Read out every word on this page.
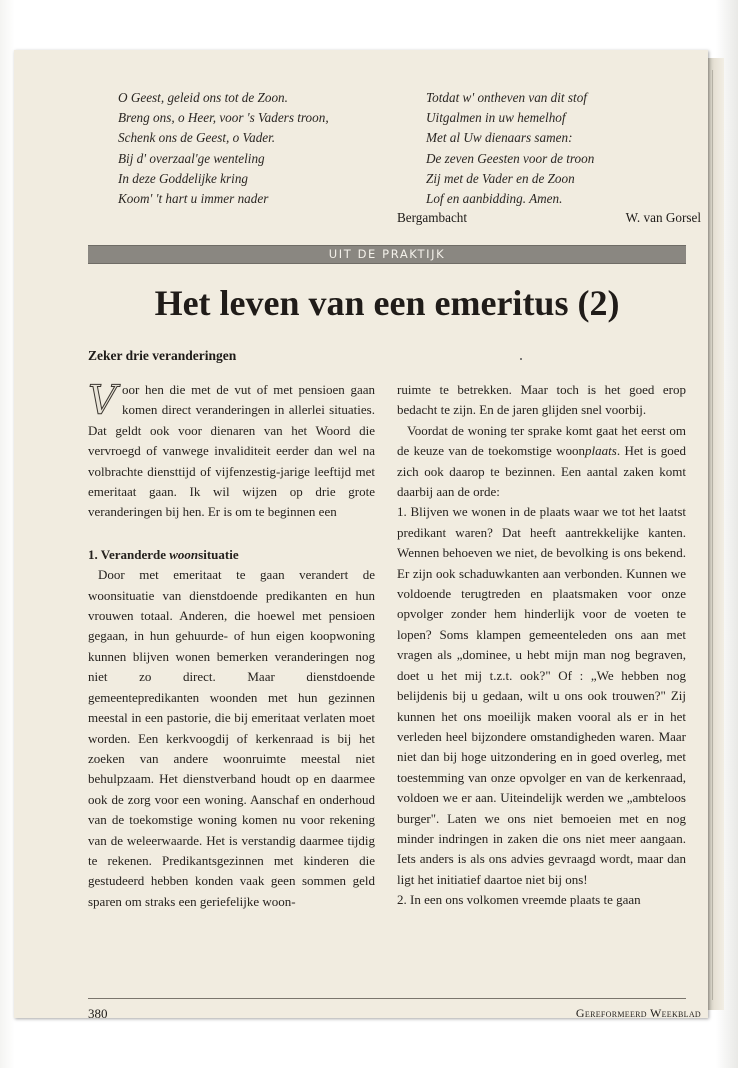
O Geest, geleid ons tot de Zoon.
Breng ons, o Heer, voor 's Vaders troon,
Schenk ons de Geest, o Vader.
Bij d' overzaal'ge wenteling
In deze Goddelijke kring
Koom' 't hart u immer nader
Totdat w' ontheven van dit stof
Uitgalmen in uw hemelhof
Met al Uw dienaars samen:
De zeven Geesten voor de troon
Zij met de Vader en de Zoon
Lof en aanbidding. Amen.
Bergambacht	W. van Gorsel
UIT DE PRAKTIJK
Het leven van een emeritus (2)
Zeker drie veranderingen

Voor hen die met de vut of met pensioen gaan komen direct veranderingen in allerlei situaties. Dat geldt ook voor dienaren van het Woord die vervroegd of vanwege invaliditeit eerder dan wel na volbrachte diensttijd of vijfenzestig-jarige leeftijd met emeritaat gaan. Ik wil wijzen op drie grote veranderingen bij hen. Er is om te beginnen een

1. Veranderde woonsituatie

Door met emeritaat te gaan verandert de woonsituatie van dienstdoende predikanten en hun vrouwen totaal. Anderen, die hoewel met pensioen gegaan, in hun gehuurde- of hun eigen koopwoning kunnen blijven wonen bemerken veranderingen nog niet zo direct. Maar dienstdoende gemeentepredikanten woonden met hun gezinnen meestal in een pastorie, die bij emeritaat verlaten moet worden. Een kerkvoogdij of kerkenraad is bij het zoeken van andere woonruimte meestal niet behulpzaam. Het dienstverband houdt op en daarmee ook de zorg voor een woning. Aanschaf en onderhoud van de toekomstige woning komen nu voor rekening van de weleerwaarde. Het is verstandig daarmee tijdig te rekenen. Predikantsgezinnen met kinderen die gestudeerd hebben konden vaak geen sommen geld sparen om straks een geriefelijke woon-

ruimte te betrekken. Maar toch is het goed erop bedacht te zijn. En de jaren glijden snel voorbij.

Voordat de woning ter sprake komt gaat het eerst om de keuze van de toekomstige woonplaats. Het is goed zich ook daarop te bezinnen. Een aantal zaken komt daarbij aan de orde:

1. Blijven we wonen in de plaats waar we tot het laatst predikant waren? Dat heeft aantrekkelijke kanten. Wennen behoeven we niet, de bevolking is ons bekend. Er zijn ook schaduwkanten aan verbonden. Kunnen we voldoende terugtreden en plaatsmaken voor onze opvolger zonder hem hinderlijk voor de voeten te lopen? Soms klampen gemeenteleden ons aan met vragen als „dominee, u hebt mijn man nog begraven, doet u het mij t.z.t. ook?" Of : „We hebben nog belijdenis bij u gedaan, wilt u ons ook trouwen?" Zij kunnen het ons moeilijk maken vooral als er in het verleden heel bijzondere omstandigheden waren. Maar niet dan bij hoge uitzondering en in goed overleg, met toestemming van onze opvolger en van de kerkenraad, voldoen we er aan. Uiteindelijk werden we „ambteloos burger". Laten we ons niet bemoeien met en nog minder indringen in zaken die ons niet meer aangaan. Iets anders is als ons advies gevraagd wordt, maar dan ligt het initiatief daartoe niet bij ons!

2. In een ons volkomen vreemde plaats te gaan

380	Gereformeerd Weekblad
